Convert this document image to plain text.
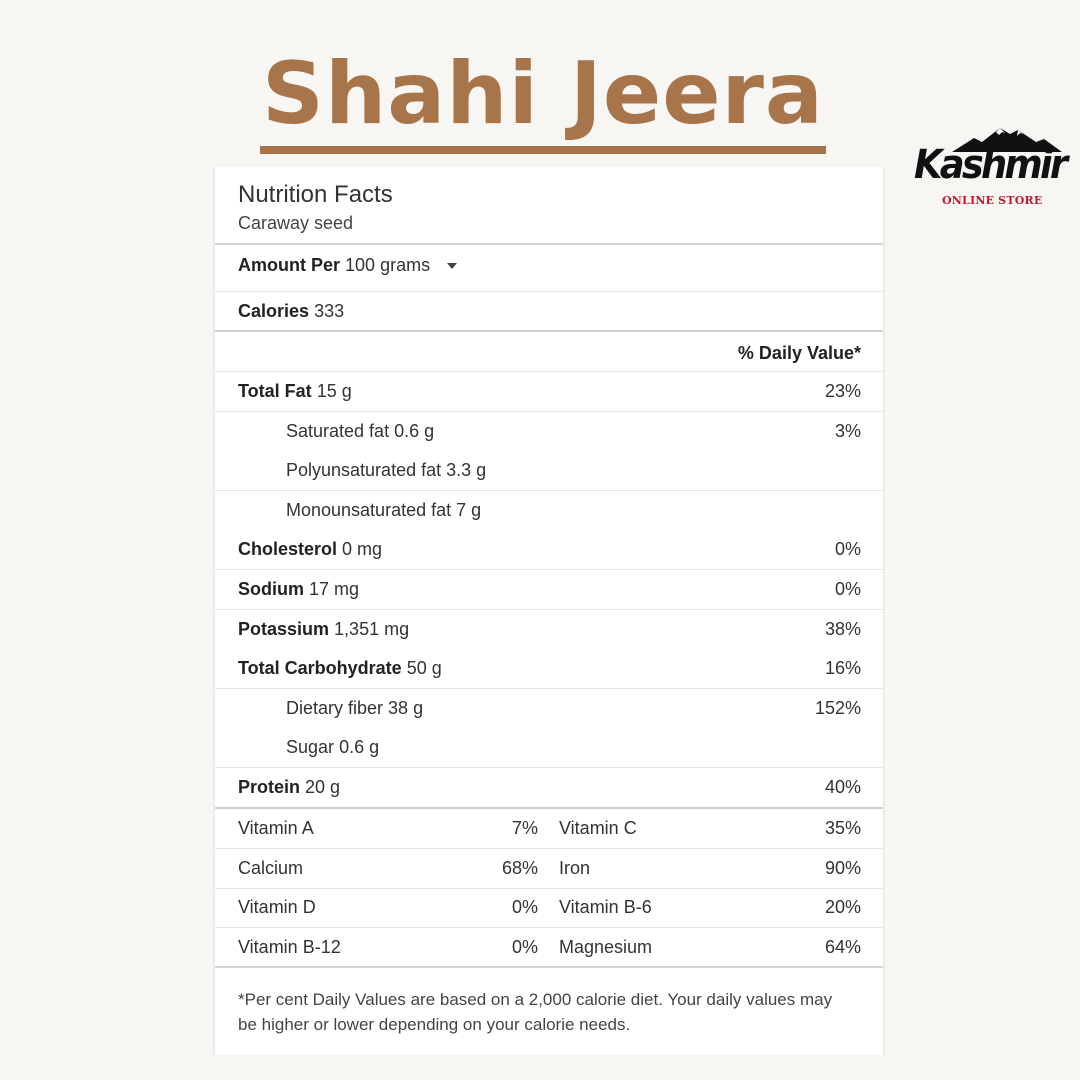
Shahi Jeera
Kashmir
ONLINE STORE
Nutrition Facts
Caraway seed
Amount Per 100 grams
Calories 333
% Daily Value*
Total Fat 15 g	23%
Saturated fat 0.6 g	3%
Polyunsaturated fat 3.3 g
Monounsaturated fat 7 g
Cholesterol 0 mg	0%
Sodium 17 mg	0%
Potassium 1,351 mg	38%
Total Carbohydrate 50 g	16%
Dietary fiber 38 g	152%
Sugar 0.6 g
Protein 20 g	40%
Vitamin A	7% Vitamin C	35%
Calcium	68% Iron	90%
Vitamin D	0% Vitamin B-6	20%
Vitamin B-12	0% Magnesium	64%
*Per cent Daily Values are based on a 2,000 calorie diet. Your daily values may be higher or lower depending on your calorie needs.
